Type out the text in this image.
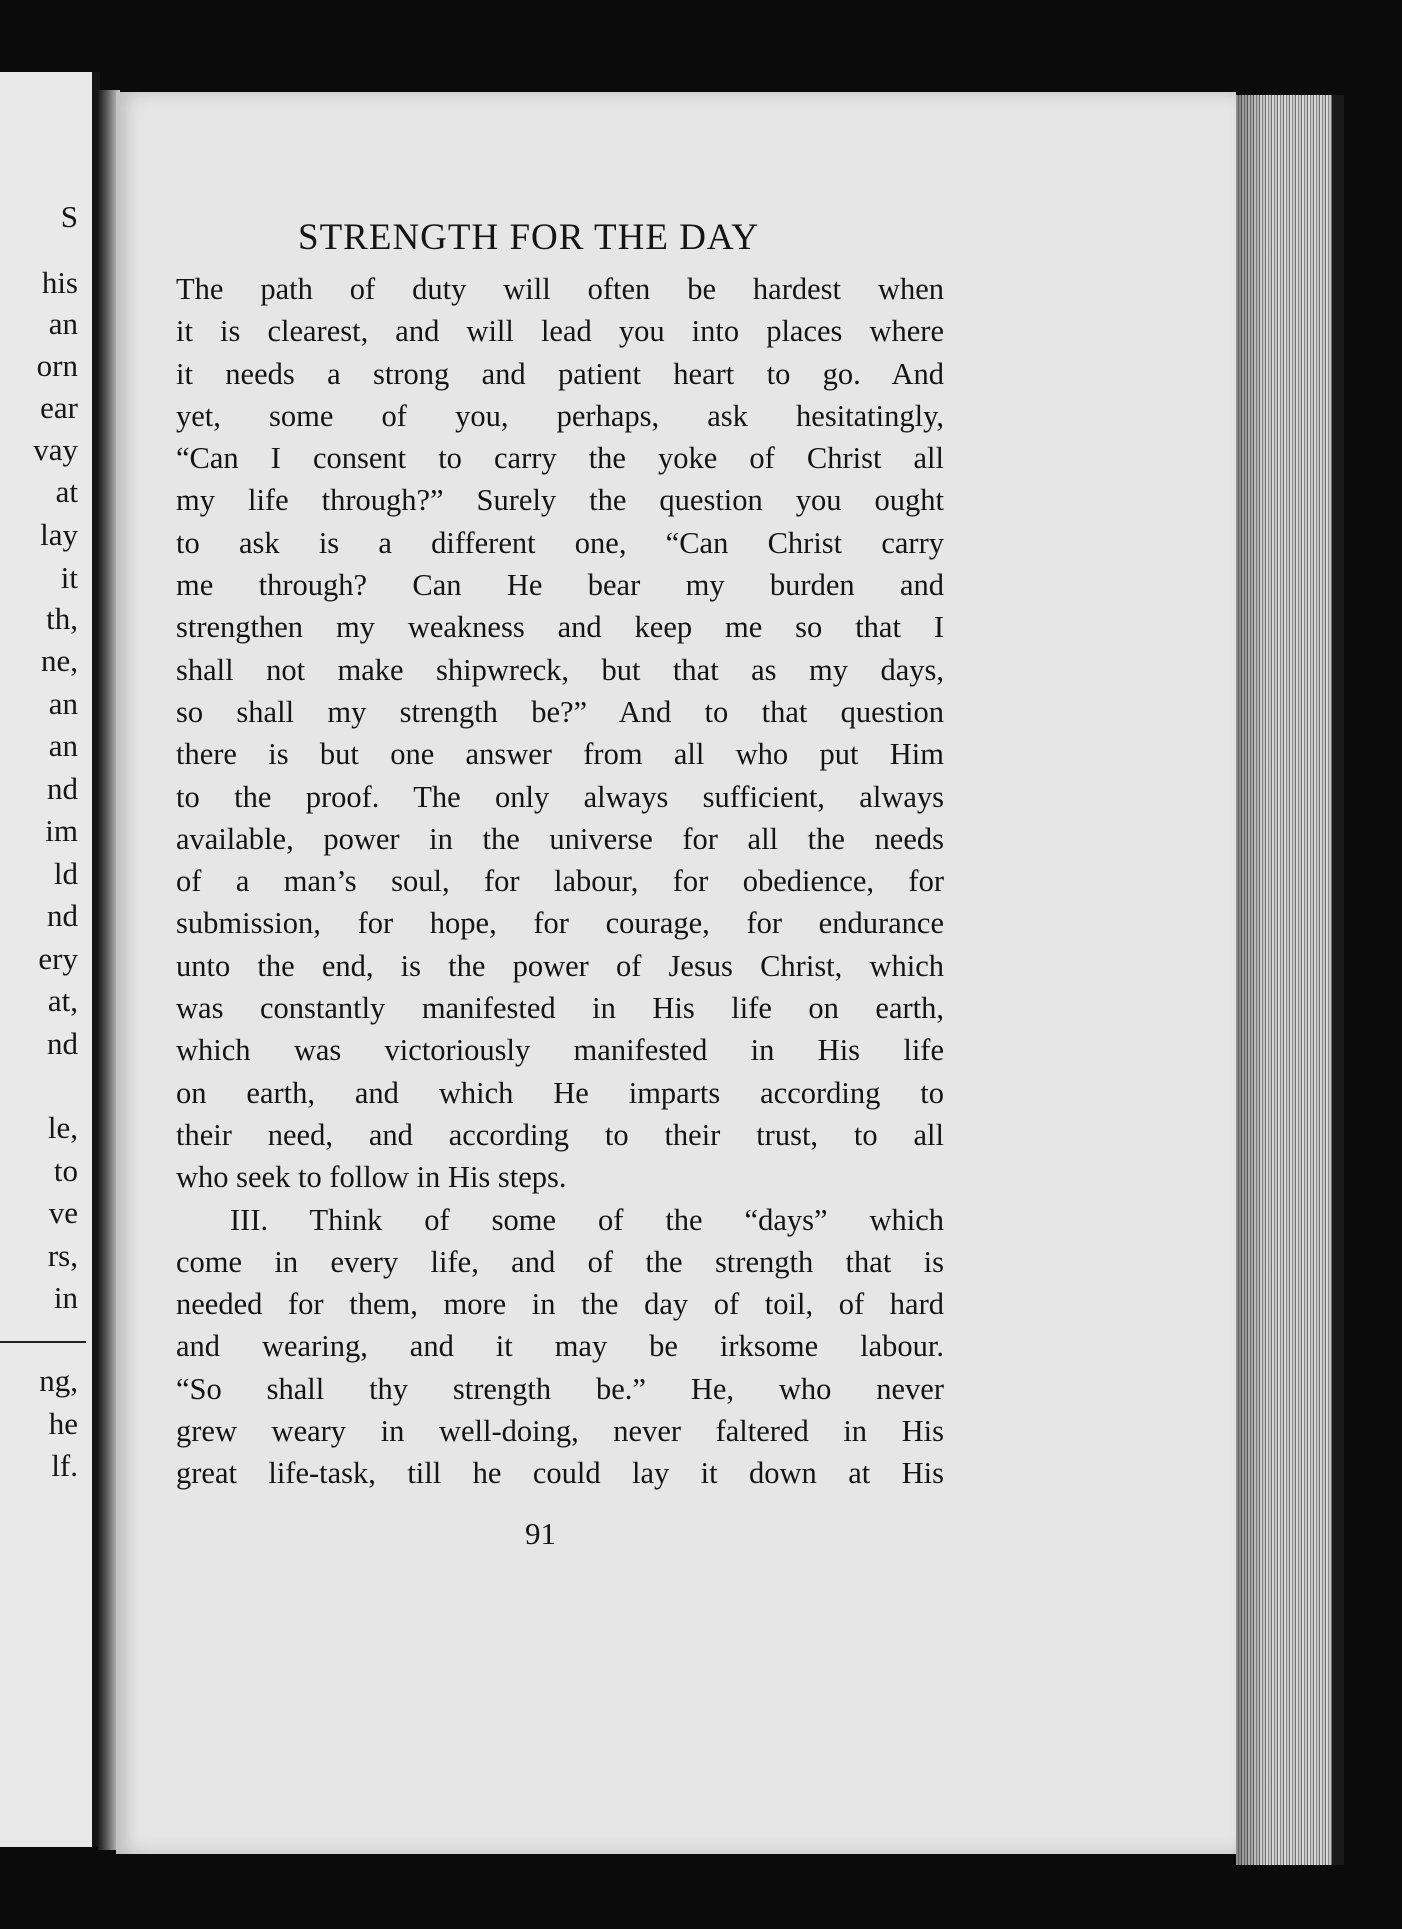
S
his
an
orn
ear
vay
at
lay
it
th,
ne,
an
an
nd
im
ld
nd
ery
at,
nd
le,
to
ve
rs,
in
ng,
he
lf.
STRENGTH FOR THE DAY
The path of duty will often be hardest when
it is clearest, and will lead you into places where
it needs a strong and patient heart to go. And
yet, some of you, perhaps, ask hesitatingly,
“Can I consent to carry the yoke of Christ all
my life through?” Surely the question you ought
to ask is a different one, “Can Christ carry
me through? Can He bear my burden and
strengthen my weakness and keep me so that I
shall not make shipwreck, but that as my days,
so shall my strength be?” And to that question
there is but one answer from all who put Him
to the proof. The only always sufficient, always
available, power in the universe for all the needs
of a man’s soul, for labour, for obedience, for
submission, for hope, for courage, for endurance
unto the end, is the power of Jesus Christ, which
was constantly manifested in His life on earth,
which was victoriously manifested in His life
on earth, and which He imparts according to
their need, and according to their trust, to all
who seek to follow in His steps.
III. Think of some of the “days” which
come in every life, and of the strength that is
needed for them, more in the day of toil, of hard
and wearing, and it may be irksome labour.
“So shall thy strength be.” He, who never
grew weary in well-doing, never faltered in His
great life-task, till he could lay it down at His
91
